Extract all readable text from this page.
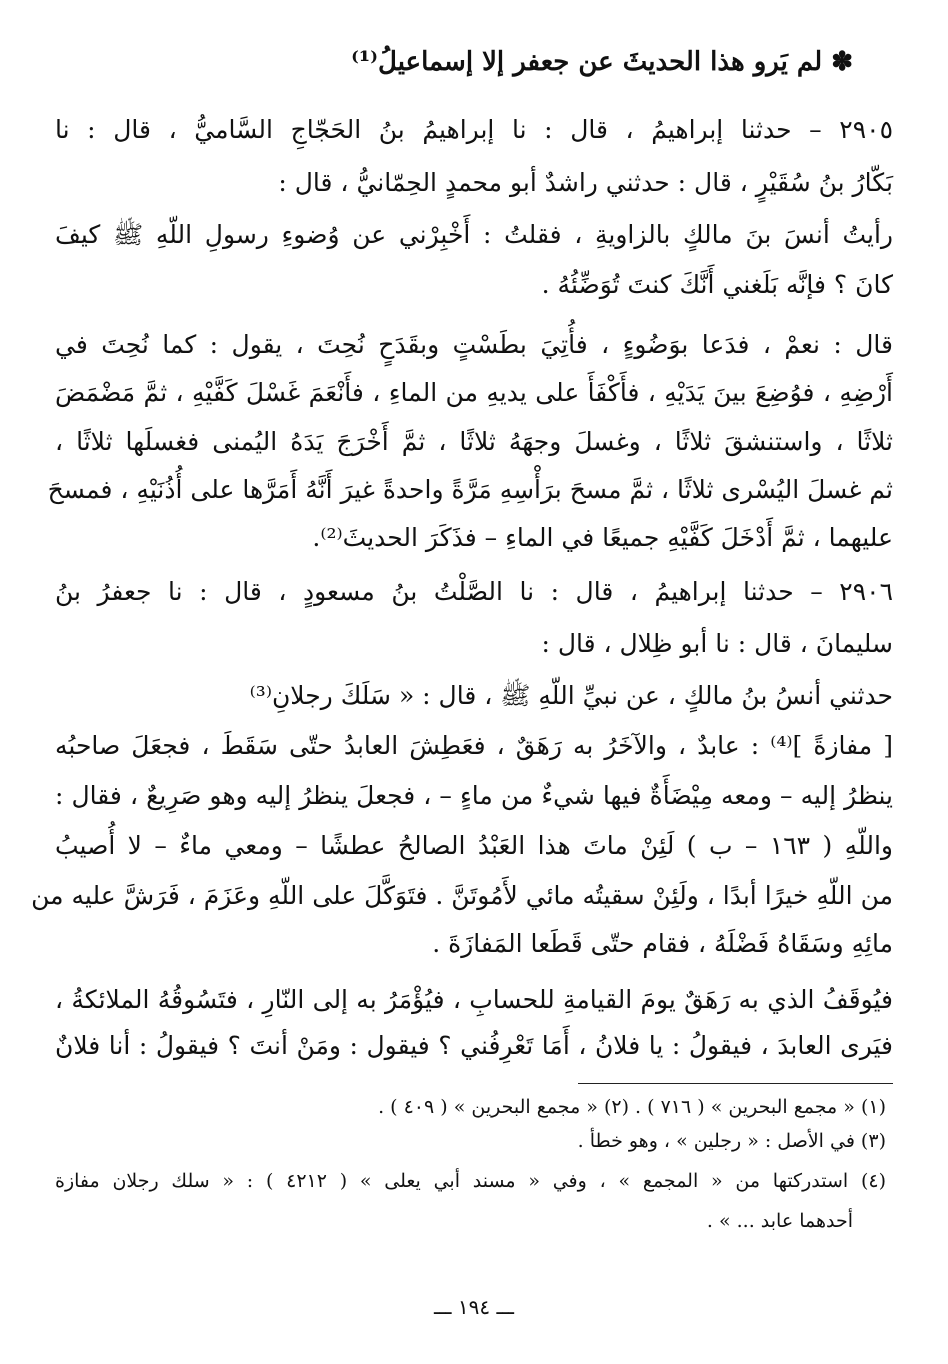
✽ لم يَرو هذا الحديثَ عن جعفر إلا إسماعيلُ⁽¹⁾
٢٩٠٥ – حدثنا إبراهيمُ ، قال : نا إبراهيمُ بنُ الحَجّاجِ السَّاميُّ ، قال : نا
بَكّارُ بنُ سُقَيْرٍ ، قال : حدثني راشدٌ أبو محمدٍ الحِمّانيُّ ، قال :
رأيتُ أنسَ بنَ مالكٍ بالزاويةِ ، فقلتُ : أَخْبِرْني عن وُضوءِ رسولِ اللّهِ ﷺ كيفَ
كانَ ؟ فإنَّه بَلَغني أَنَّكَ كنتَ تُوَضِّئُهُ .
قال : نعمْ ، فدَعا بوَضُوءٍ ، فأُتِيَ بطَسْتٍ وبقَدَحٍ نُحِتَ ، يقول : كما نُحِتَ في
أَرْضِهِ ، فوُضِعَ بينَ يَدَيْهِ ، فأَكْفَأَ على يديهِ من الماءِ ، فأَنْعَمَ غَسْلَ كَفَّيْهِ ، ثمَّ مَضْمَضَ
ثلاثًا ، واستنشقَ ثلاثًا ، وغسلَ وجهَهُ ثلاثًا ، ثمَّ أَخْرَجَ يَدَهُ اليُمنى فغسلَها ثلاثًا ،
ثم غسلَ اليُسْرى ثلاثًا ، ثمَّ مسحَ برَأْسِهِ مَرَّةً واحدةً غيرَ أَنَّهُ أَمَرَّها على أُذُنَيْهِ ، فمسحَ
عليهما ، ثمَّ أَدْخَلَ كَفَّيْهِ جميعًا في الماءِ – فذَكَرَ الحديثَ⁽²⁾.
٢٩٠٦ – حدثنا إبراهيمُ ، قال : نا الصَّلْتُ بنُ مسعودٍ ، قال : نا جعفرُ بنُ
سليمانَ ، قال : نا أبو ظِلال ، قال :
حدثني أنسُ بنُ مالكٍ ، عن نبيِّ اللّهِ ﷺ ، قال : « سَلَكَ رجلانِ⁽³⁾
[ مفازةً ]⁽⁴⁾ : عابدٌ ، والآخَرُ به رَهَقٌ ، فعَطِشَ العابدُ حتّى سَقَطَ ، فجعَلَ صاحبُه
ينظرُ إليه – ومعه مِيْضَأَةٌ فيها شيءٌ من ماءٍ – ، فجعلَ ينظرُ إليه وهو صَرِيعٌ ، فقال :
واللّهِ ( ١٦٣ – ب ) لَئِنْ ماتَ هذا العَبْدُ الصالحُ عطشًا – ومعي ماءٌ – لا أُصيبُ
من اللّهِ خيرًا أبدًا ، ولَئِنْ سقيتُه مائي لأَمُوتَنَّ . فتَوَكَّلَ على اللّهِ وعَزَمَ ، فَرَشَّ عليه من
مائِهِ وسَقَاهُ فَضْلَهُ ، فقام حتّى قَطَعا المَفازَةَ .
فيُوقَفُ الذي به رَهَقٌ يومَ القيامةِ للحسابِ ، فيُؤْمَرُ به إلى النّارِ ، فتَسُوقُهُ الملائكةُ ،
فيَرى العابدَ ، فيقولُ : يا فلانُ ، أَمَا تَعْرِفُني ؟ فيقول : ومَنْ أنتَ ؟ فيقولُ : أنا فلانٌ
(١) « مجمع البحرين » ( ٧١٦ ) . (٢) « مجمع البحرين » ( ٤٠٩ ) .
(٣) في الأصل : « رجلين » ، وهو خطأ .
(٤) استدركتها من « المجمع » ، وفي « مسند أبي يعلى » ( ٤٢١٢ ) : « سلك رجلان مفازة
أحدهما عابد ... » .
ـــ ١٩٤ ـــ
